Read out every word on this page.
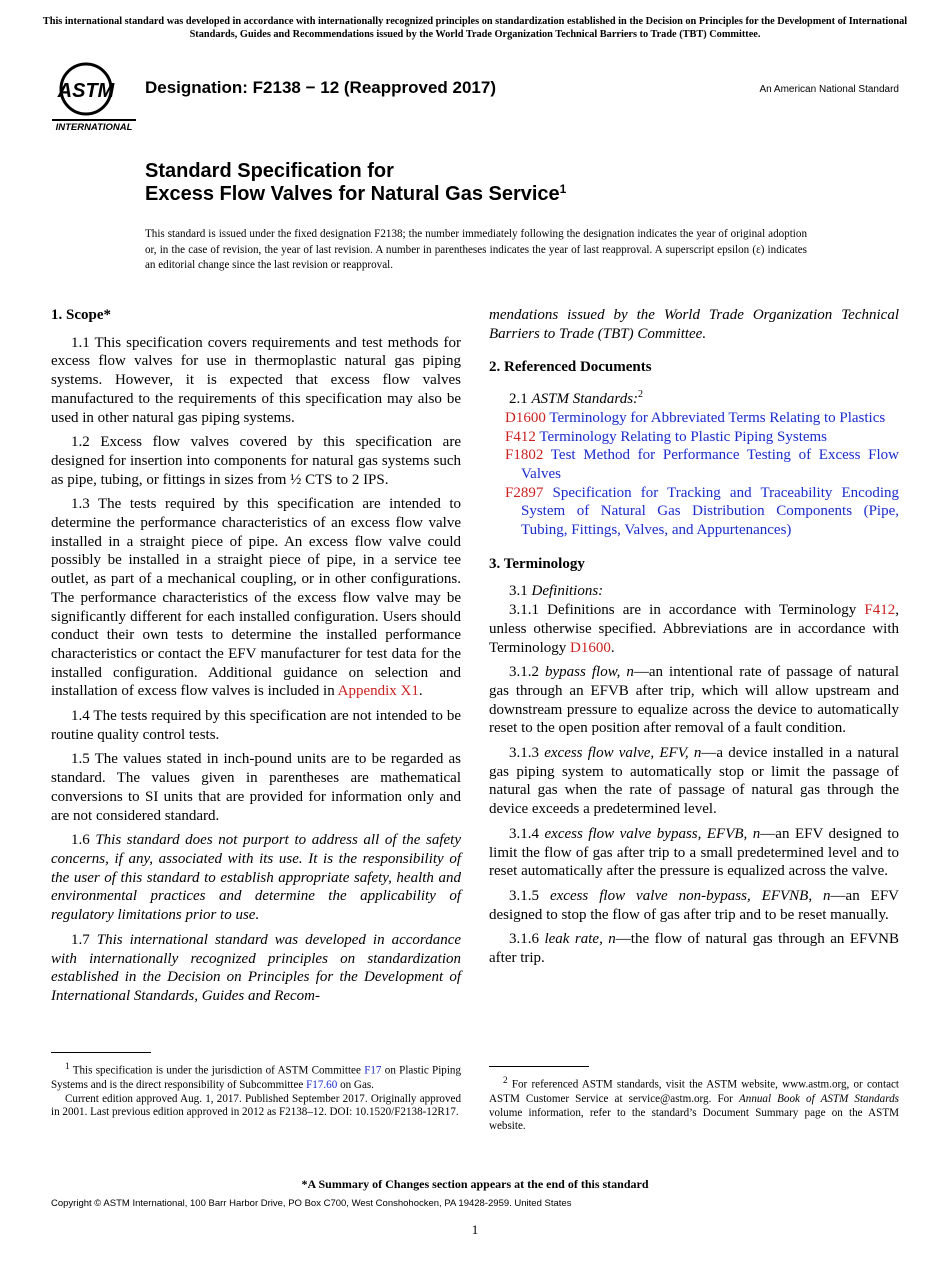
This international standard was developed in accordance with internationally recognized principles on standardization established in the Decision on Principles for the Development of International Standards, Guides and Recommendations issued by the World Trade Organization Technical Barriers to Trade (TBT) Committee.
ASTM
INTERNATIONAL
Designation: F2138 − 12 (Reapproved 2017)	An American National Standard
Standard Specification for
Excess Flow Valves for Natural Gas Service$^1$
This standard is issued under the fixed designation F2138; the number immediately following the designation indicates the year of original adoption or, in the case of revision, the year of last revision. A number in parentheses indicates the year of last reapproval. A superscript epsilon (ε) indicates an editorial change since the last revision or reapproval.
1. Scope*

1.1 This specification covers requirements and test methods for excess flow valves for use in thermoplastic natural gas piping systems. However, it is expected that excess flow valves manufactured to the requirements of this specification may also be used in other natural gas piping systems.

1.2 Excess flow valves covered by this specification are designed for insertion into components for natural gas systems such as pipe, tubing, or fittings in sizes from ½ CTS to 2 IPS.

1.3 The tests required by this specification are intended to determine the performance characteristics of an excess flow valve installed in a straight piece of pipe. An excess flow valve could possibly be installed in a straight piece of pipe, in a service tee outlet, as part of a mechanical coupling, or in other configurations. The performance characteristics of the excess flow valve may be significantly different for each installed configuration. Users should conduct their own tests to determine the installed performance characteristics or contact the EFV manufacturer for test data for the installed configuration. Additional guidance on selection and installation of excess flow valves is included in Appendix X1.

1.4 The tests required by this specification are not intended to be routine quality control tests.

1.5 The values stated in inch-pound units are to be regarded as standard. The values given in parentheses are mathematical conversions to SI units that are provided for information only and are not considered standard.

1.6 This standard does not purport to address all of the safety concerns, if any, associated with its use. It is the responsibility of the user of this standard to establish appropriate safety, health and environmental practices and determine the applicability of regulatory limitations prior to use.

1.7 This international standard was developed in accordance with internationally recognized principles on standardization established in the Decision on Principles for the Development of International Standards, Guides and Recom-

mendations issued by the World Trade Organization Technical Barriers to Trade (TBT) Committee.

2. Referenced Documents
2.1 ASTM Standards:$^2$
D1600 Terminology for Abbreviated Terms Relating to Plastics
F412 Terminology Relating to Plastic Piping Systems
F1802 Test Method for Performance Testing of Excess Flow Valves
F2897 Specification for Tracking and Traceability Encoding System of Natural Gas Distribution Components (Pipe, Tubing, Fittings, Valves, and Appurtenances)
3. Terminology
3.1 Definitions:

3.1.1 Definitions are in accordance with Terminology F412, unless otherwise specified. Abbreviations are in accordance with Terminology D1600.

3.1.2 bypass flow, n—an intentional rate of passage of natural gas through an EFVB after trip, which will allow upstream and downstream pressure to equalize across the device to automatically reset to the open position after removal of a fault condition.

3.1.3 excess flow valve, EFV, n—a device installed in a natural gas piping system to automatically stop or limit the passage of natural gas when the rate of passage of natural gas through the device exceeds a predetermined level.

3.1.4 excess flow valve bypass, EFVB, n—an EFV designed to limit the flow of gas after trip to a small predetermined level and to reset automatically after the pressure is equalized across the valve.

3.1.5 excess flow valve non-bypass, EFVNB, n—an EFV designed to stop the flow of gas after trip and to be reset manually.

3.1.6 leak rate, n—the flow of natural gas through an EFVNB after trip.

$^1$ This specification is under the jurisdiction of ASTM Committee F17 on Plastic Piping Systems and is the direct responsibility of Subcommittee F17.60 on Gas.

Current edition approved Aug. 1, 2017. Published September 2017. Originally approved in 2001. Last previous edition approved in 2012 as F2138–12. DOI: 10.1520/F2138-12R17.

$^2$ For referenced ASTM standards, visit the ASTM website, www.astm.org, or contact ASTM Customer Service at service@astm.org. For Annual Book of ASTM Standards volume information, refer to the standard’s Document Summary page on the ASTM website.

*A Summary of Changes section appears at the end of this standard
Copyright © ASTM International, 100 Barr Harbor Drive, PO Box C700, West Conshohocken, PA 19428-2959. United States
1
